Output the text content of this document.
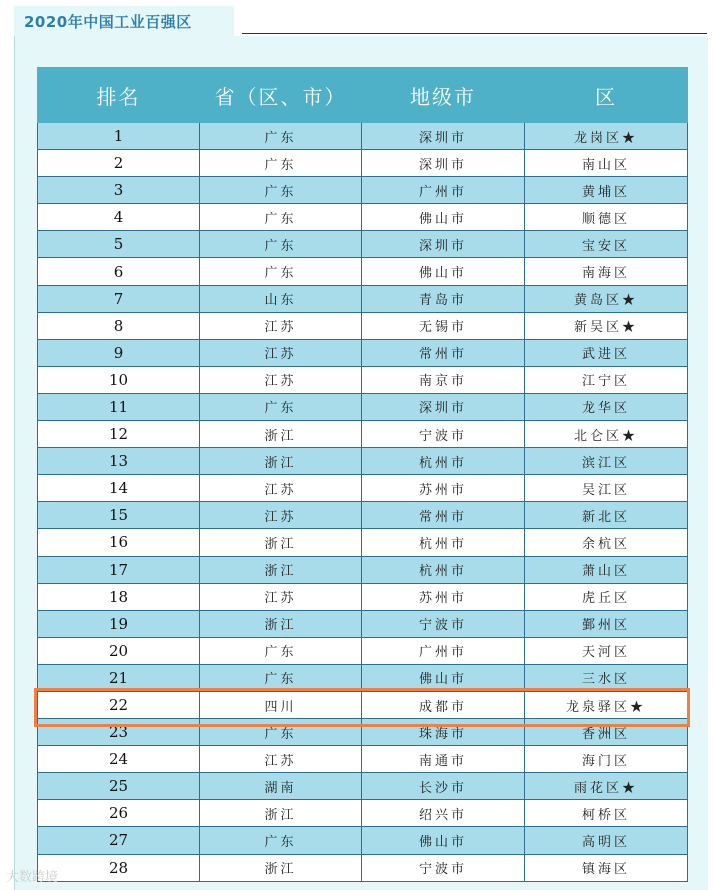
2020年中国工业百强区
排名	省（区、市）	地级市	区
1	广东	深圳市	龙岗区★
2	广东	深圳市	南山区
3	广东	广州市	黄埔区
4	广东	佛山市	顺德区
5	广东	深圳市	宝安区
6	广东	佛山市	南海区
7	山东	青岛市	黄岛区★
8	江苏	无锡市	新吴区★
9	江苏	常州市	武进区
10	江苏	南京市	江宁区
11	广东	深圳市	龙华区
12	浙江	宁波市	北仑区★
13	浙江	杭州市	滨江区
14	江苏	苏州市	吴江区
15	江苏	常州市	新北区
16	浙江	杭州市	余杭区
17	浙江	杭州市	萧山区
18	江苏	苏州市	虎丘区
19	浙江	宁波市	鄞州区
20	广东	广州市	天河区
21	广东	佛山市	三水区
22	四川	成都市	龙泉驿区★
23	广东	珠海市	香洲区
24	江苏	南通市	海门区
25	湖南	长沙市	雨花区★
26	浙江	绍兴市	柯桥区
27	广东	佛山市	高明区
28	浙江	宁波市	镇海区
大数跨境
